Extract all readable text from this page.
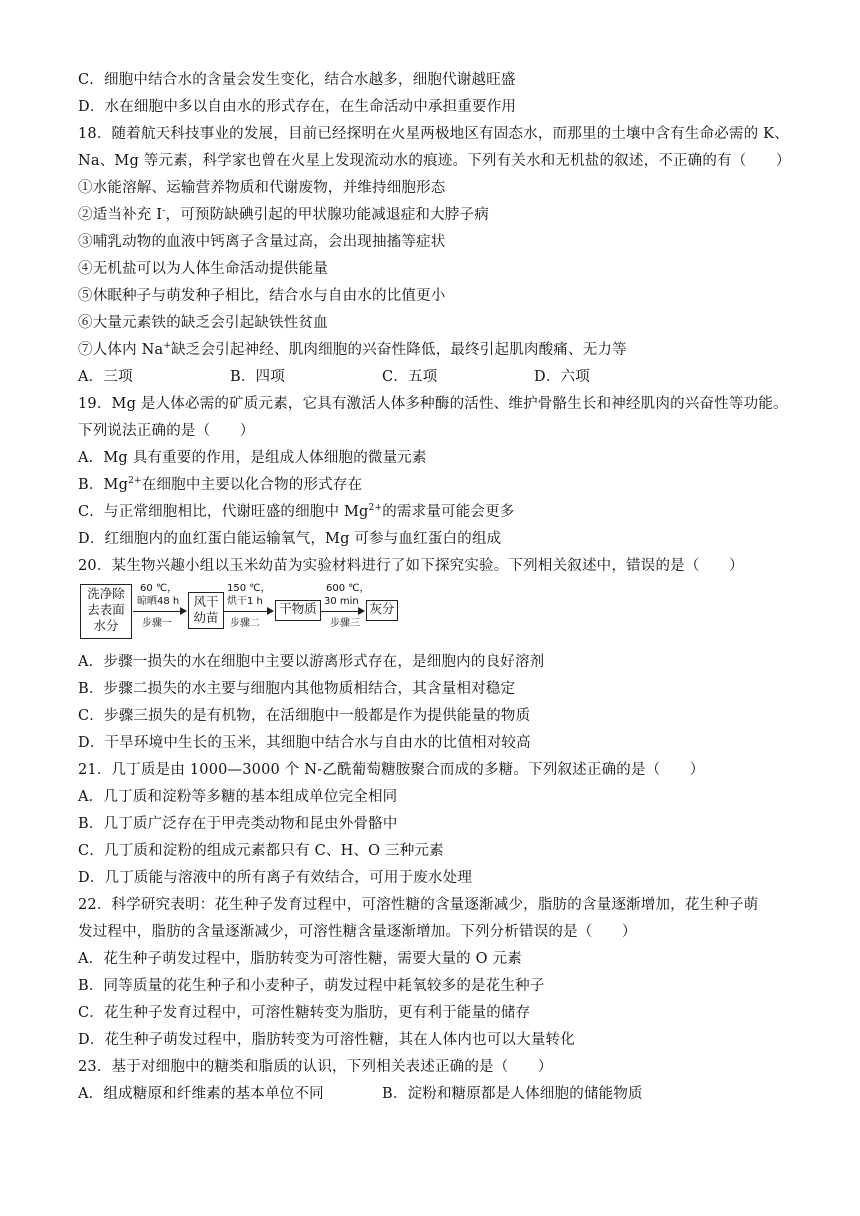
C．细胞中结合水的含量会发生变化，结合水越多，细胞代谢越旺盛
D．水在细胞中多以自由水的形式存在，在生命活动中承担重要作用
18．随着航天科技事业的发展，目前已经探明在火星两极地区有固态水，而那里的土壤中含有生命必需的 K、
Na、Mg 等元素，科学家也曾在火星上发现流动水的痕迹。下列有关水和无机盐的叙述，不正确的有（　　）
①水能溶解、运输营养物质和代谢废物，并维持细胞形态
②适当补充 I-，可预防缺碘引起的甲状腺功能减退症和大脖子病
③哺乳动物的血液中钙离子含量过高，会出现抽搐等症状
④无机盐可以为人体生命活动提供能量
⑤休眠种子与萌发种子相比，结合水与自由水的比值更小
⑥大量元素铁的缺乏会引起缺铁性贫血
⑦人体内 Na+缺乏会引起神经、肌肉细胞的兴奋性降低，最终引起肌肉酸痛、无力等
A．三项	B．四项	C．五项	D．六项
19．Mg 是人体必需的矿质元素，它具有激活人体多种酶的活性、维护骨骼生长和神经肌肉的兴奋性等功能。
下列说法正确的是（　　）
A．Mg 具有重要的作用，是组成人体细胞的微量元素
B．$Mg^{2+}$在细胞中主要以化合物的形式存在
C．与正常细胞相比，代谢旺盛的细胞中 $Mg^{2+}$的需求量可能会更多
D．红细胞内的血红蛋白能运输氧气，Mg 可参与血红蛋白的组成
20．某生物兴趣小组以玉米幼苗为实验材料进行了如下探究实验。下列相关叙述中，错误的是（　　）
洗净除
去表面
水分
60 ℃，
晾晒48 h
步骤一
风干
幼苗
150 ℃，
烘干1 h
步骤二
干物质
600 ℃，
30 min
步骤三
灰分
A．步骤一损失的水在细胞中主要以游离形式存在，是细胞内的良好溶剂
B．步骤二损失的水主要与细胞内其他物质相结合，其含量相对稳定
C．步骤三损失的是有机物，在活细胞中一般都是作为提供能量的物质
D．干旱环境中生长的玉米，其细胞中结合水与自由水的比值相对较高
21．几丁质是由 1000—3000 个 N-乙酰葡萄糖胺聚合而成的多糖。下列叙述正确的是（　　）
A．几丁质和淀粉等多糖的基本组成单位完全相同
B．几丁质广泛存在于甲壳类动物和昆虫外骨骼中
C．几丁质和淀粉的组成元素都只有 C、H、O 三种元素
D．几丁质能与溶液中的所有离子有效结合，可用于废水处理
22．科学研究表明：花生种子发育过程中，可溶性糖的含量逐渐减少，脂肪的含量逐渐增加，花生种子萌
发过程中，脂肪的含量逐渐减少，可溶性糖含量逐渐增加。下列分析错误的是（　　）
A．花生种子萌发过程中，脂肪转变为可溶性糖，需要大量的 O 元素
B．同等质量的花生种子和小麦种子，萌发过程中耗氧较多的是花生种子
C．花生种子发育过程中，可溶性糖转变为脂肪，更有利于能量的储存
D．花生种子萌发过程中，脂肪转变为可溶性糖，其在人体内也可以大量转化
23．基于对细胞中的糖类和脂质的认识，下列相关表述正确的是（　　）
A．组成糖原和纤维素的基本单位不同	B．淀粉和糖原都是人体细胞的储能物质
